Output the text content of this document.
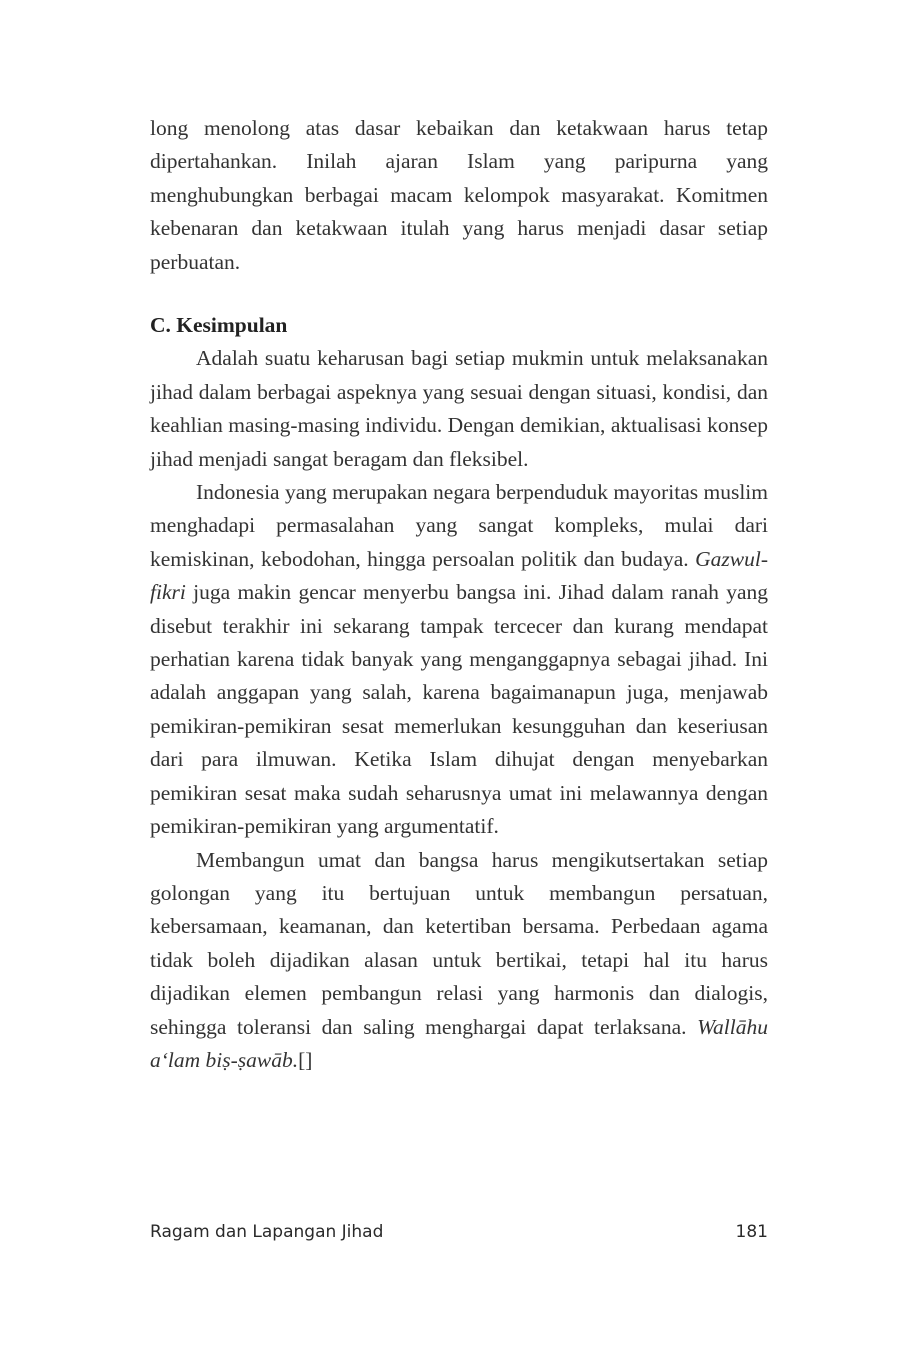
long menolong atas dasar kebaikan dan ketakwaan harus tetap dipertahankan. Inilah ajaran Islam yang paripurna yang menghubungkan berbagai macam kelompok masyarakat. Komitmen kebenaran dan ketakwaan itulah yang harus menjadi dasar setiap perbuatan.

C. Kesimpulan

Adalah suatu keharusan bagi setiap mukmin untuk melaksanakan jihad dalam berbagai aspeknya yang sesuai dengan situasi, kondisi, dan keahlian masing-masing individu. Dengan demikian, aktualisasi konsep jihad menjadi sangat beragam dan fleksibel.

Indonesia yang merupakan negara berpenduduk mayoritas muslim menghadapi permasalahan yang sangat kompleks, mulai dari kemiskinan, kebodohan, hingga persoalan politik dan budaya. Gazwul-fikri juga makin gencar menyerbu bangsa ini. Jihad dalam ranah yang disebut terakhir ini sekarang tampak tercecer dan kurang mendapat perhatian karena tidak banyak yang menganggapnya sebagai jihad. Ini adalah anggapan yang salah, karena bagaimanapun juga, menjawab pemikiran-pemikiran sesat memerlukan kesungguhan dan keseriusan dari para ilmuwan. Ketika Islam dihujat dengan menyebarkan pemikiran sesat maka sudah seharusnya umat ini melawannya dengan pemikiran-pemikiran yang argumentatif.

Membangun umat dan bangsa harus mengikutsertakan setiap golongan yang itu bertujuan untuk membangun persatuan, kebersamaan, keamanan, dan ketertiban bersama. Perbedaan agama tidak boleh dijadikan alasan untuk bertikai, tetapi hal itu harus dijadikan elemen pembangun relasi yang harmonis dan dialogis, sehingga toleransi dan saling menghargai dapat terlaksana. Wallāhu a‘lam biṣ-ṣawāb.[]

Ragam dan Lapangan Jihad	181
